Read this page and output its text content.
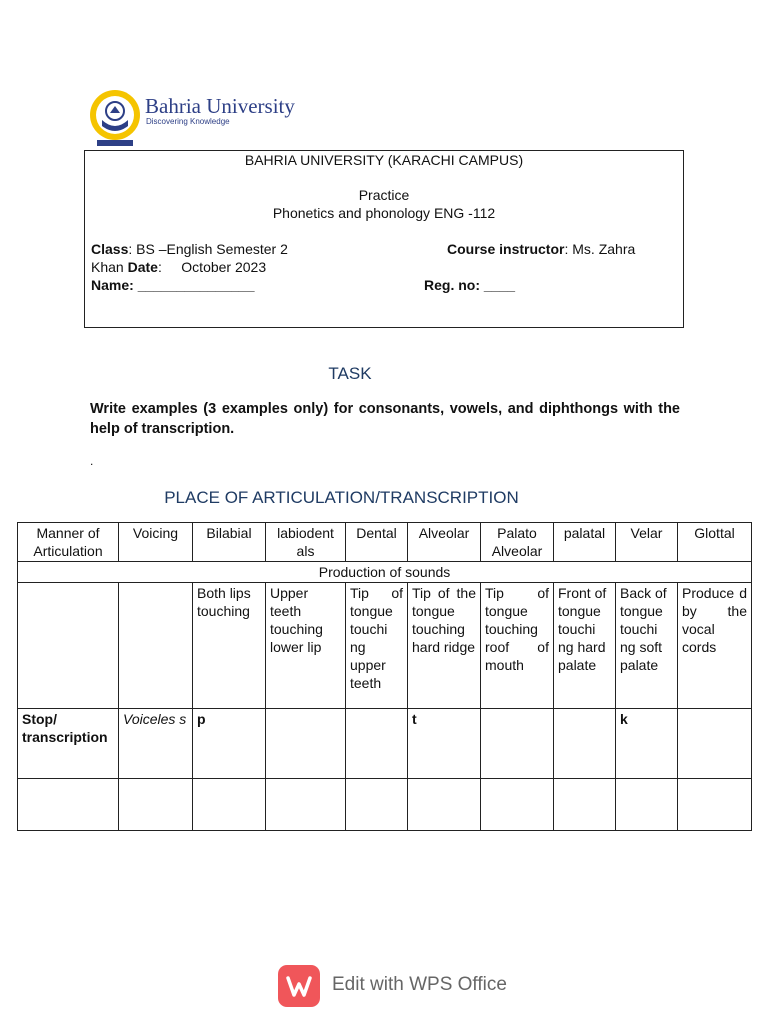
Bahria University
Discovering Knowledge
BAHRIA UNIVERSITY (KARACHI CAMPUS)
Practice
Phonetics and phonology ENG -112
Class: BS –English Semester 2	Course instructor: Ms. Zahra
Khan Date:     October 2023
Name: _______________	Reg. no: ____
TASK
Write examples (3 examples only) for consonants, vowels, and diphthongs with the help of transcription.
.
PLACE OF ARTICULATION/TRANSCRIPTION
Manner of Articulation	Voicing	Bilabial	labiodent als	Dental	Alveolar	Palato Alveolar	palatal	Velar	Glottal
Production of sounds									
		Both lips touching	Upper teeth touching lower lip	Tip of tongue touchi ng upper teeth	Tip of the tongue touching hard ridge	Tip of tongue touching roof of mouth	Front of tongue touchi ng hard palate	Back of tongue touchi ng soft palate	Produce d by the vocal cords
Stop/ transcription	Voiceles s	p			t			k	

Edit with WPS Office
